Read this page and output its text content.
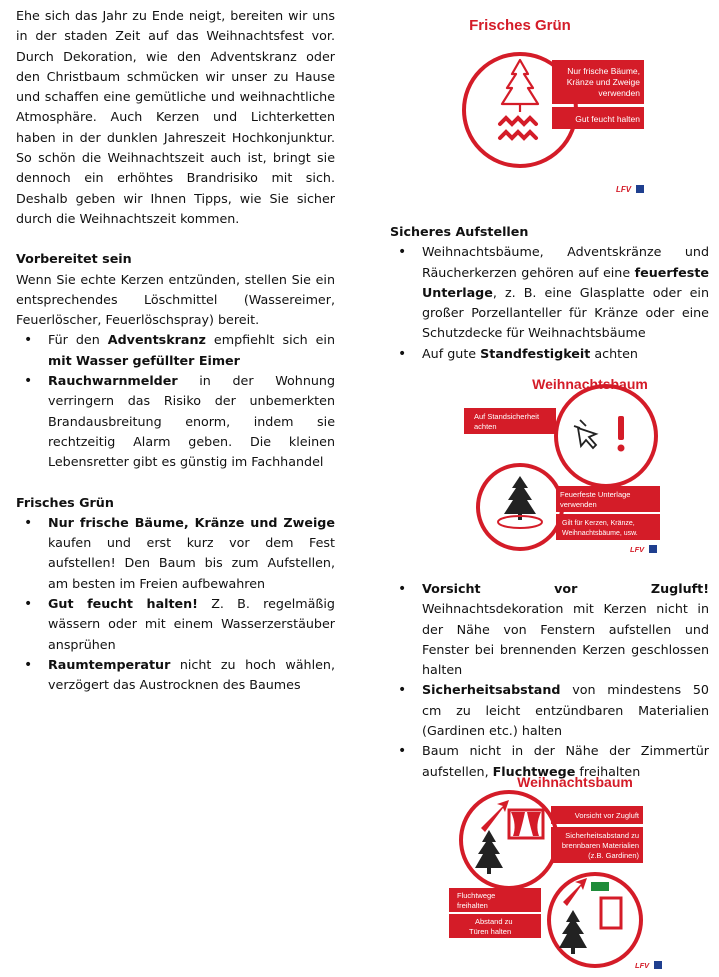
Ehe sich das Jahr zu Ende neigt, bereiten wir uns in der staden Zeit auf das Weihnachtsfest vor. Durch Dekoration, wie den Adventskranz oder den Christbaum schmücken wir unser zu Hause und schaffen eine gemütliche und weihnachtliche Atmosphäre. Auch Kerzen und Lichterketten haben in der dunklen Jahreszeit Hochkonjunktur. So schön die Weihnachtszeit auch ist, bringt sie dennoch ein erhöhtes Brandrisiko mit sich. Deshalb geben wir Ihnen Tipps, wie Sie sicher durch die Weihnachtszeit kommen.

Vorbereitet sein

Wenn Sie echte Kerzen entzünden, stellen Sie ein entsprechendes Löschmittel (Wassereimer, Feuerlöscher, Feuerlöschspray) bereit.

• Für den Adventskranz empfiehlt sich ein mit Wasser gefüllter Eimer
• Rauchwarnmelder in der Wohnung verringern das Risiko der unbemerkten Brandausbreitung enorm, indem sie rechtzeitig Alarm geben. Die kleinen Lebensretter gibt es günstig im Fachhandel

Frisches Grün

• Nur frische Bäume, Kränze und Zweige kaufen und erst kurz vor dem Fest aufstellen! Den Baum bis zum Aufstellen, am besten im Freien aufbewahren
• Gut feucht halten! Z. B. regelmäßig wässern oder mit einem Wasserzerstäuber ansprühen
• Raumtemperatur nicht zu hoch wählen, verzögert das Austrocknen des Baumes
Frisches Grün
Nur frische Bäume,
Kränze und Zweige
verwenden
Gut feucht halten
LFV

Sicheres Aufstellen

• Weihnachtsbäume, Adventskränze und Räucherkerzen gehören auf eine feuerfeste Unterlage, z. B. eine Glasplatte oder ein großer Porzellanteller für Kränze oder eine Schutzdecke für Weihnachtsbäume
• Auf gute Standfestigkeit achten
Weihnachtsbaum
Auf Standsicherheit
achten
Feuerfeste Unterlage
verwenden
Gilt für Kerzen, Kränze,
Weihnachtsbäume, usw.
LFV
• Vorsicht vor Zugluft! Weihnachtsdekoration mit Kerzen nicht in der Nähe von Fenstern aufstellen und Fenster bei brennenden Kerzen geschlossen halten
• Sicherheitsabstand von mindestens 50 cm zu leicht entzündbaren Materialien (Gardinen etc.) halten
• Baum nicht in der Nähe der Zimmertür aufstellen, Fluchtwege freihalten
Weihnachtsbaum
Vorsicht vor Zugluft
Sicherheitsabstand zu
brennbaren Materialien
(z.B. Gardinen)
Fluchtwege
freihalten
Abstand zu
Türen halten
LFV
